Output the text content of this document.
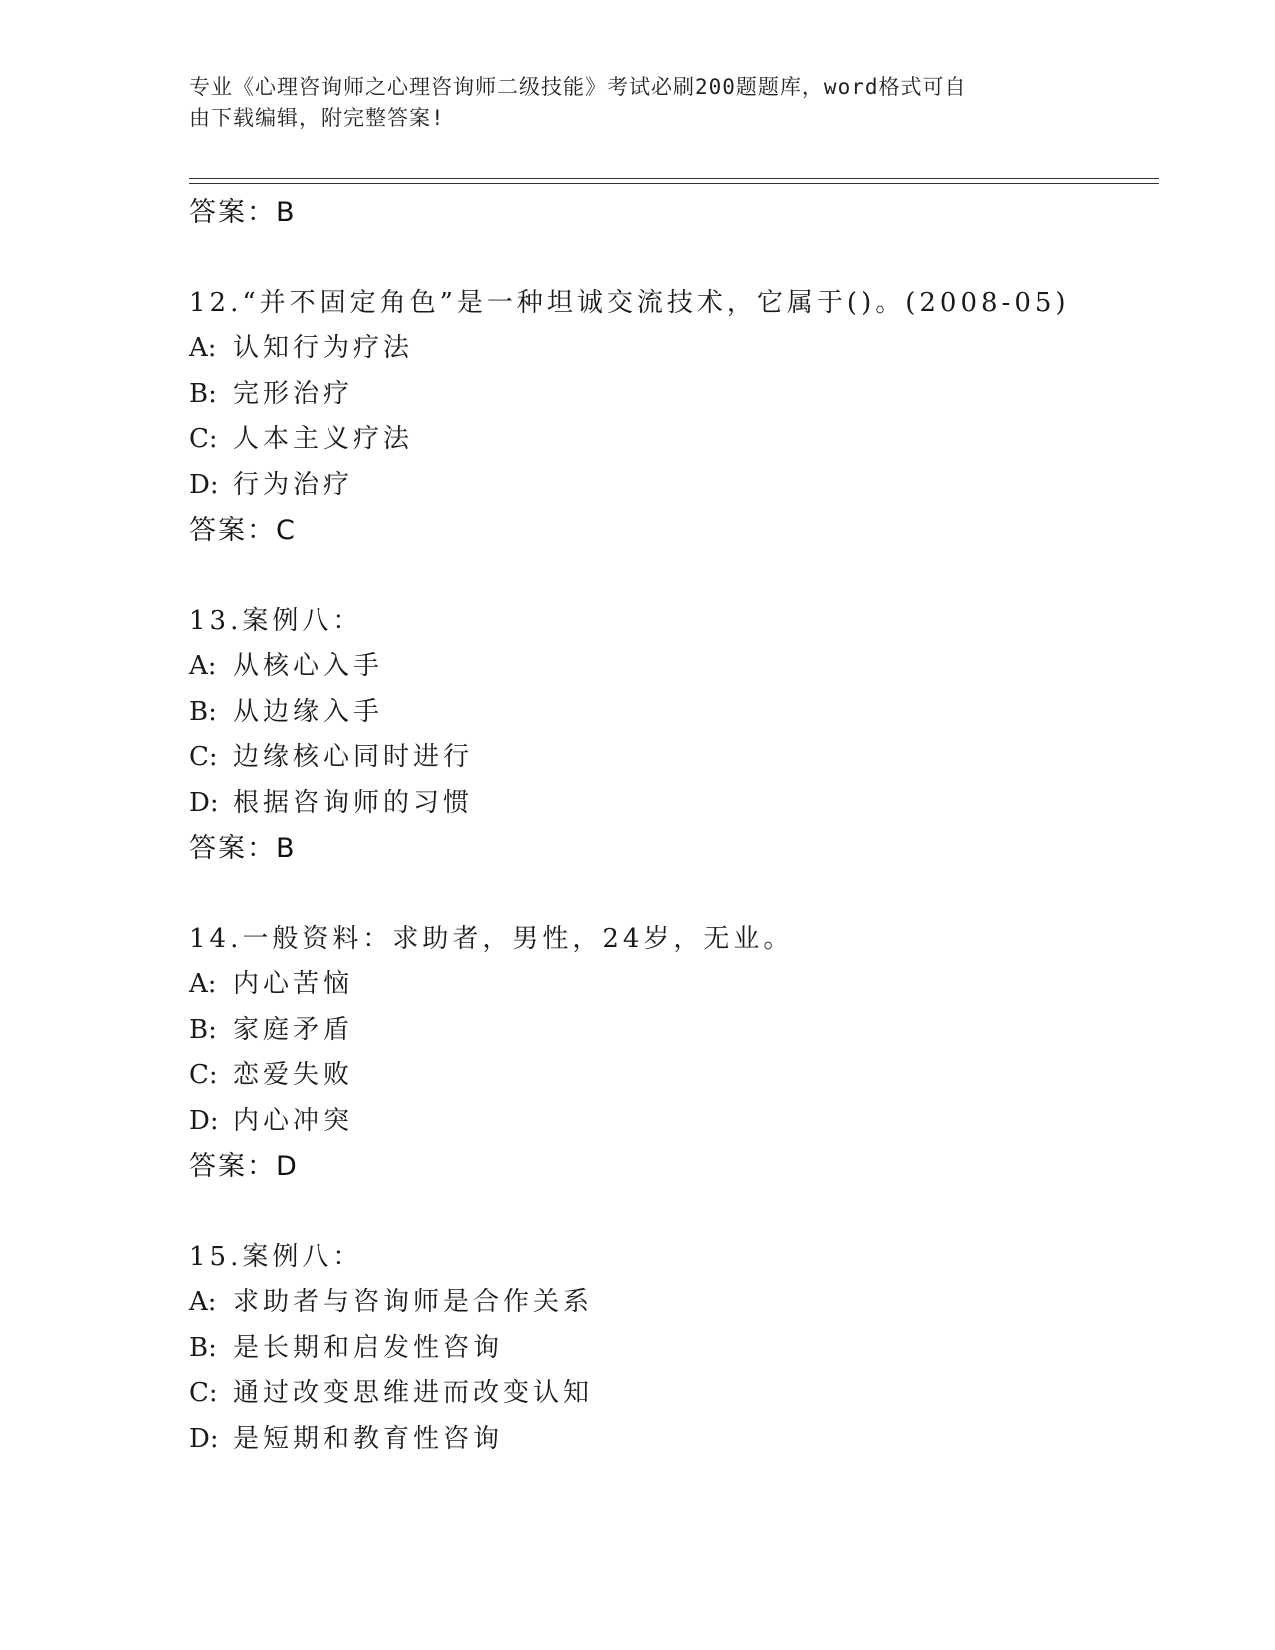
专业《心理咨询师之心理咨询师二级技能》考试必刷200题题库，word格式可自
由下载编辑，附完整答案!
答案：B
12.“并不固定角色”是一种坦诚交流技术，它属于()。(2008-05)
A: 认知行为疗法
B: 完形治疗
C: 人本主义疗法
D: 行为治疗
答案：C
13.案例八：
A: 从核心入手
B: 从边缘入手
C: 边缘核心同时进行
D: 根据咨询师的习惯
答案：B
14.一般资料：求助者，男性，24岁，无业。
A: 内心苦恼
B: 家庭矛盾
C: 恋爱失败
D: 内心冲突
答案：D
15.案例八：
A: 求助者与咨询师是合作关系
B: 是长期和启发性咨询
C: 通过改变思维进而改变认知
D: 是短期和教育性咨询
